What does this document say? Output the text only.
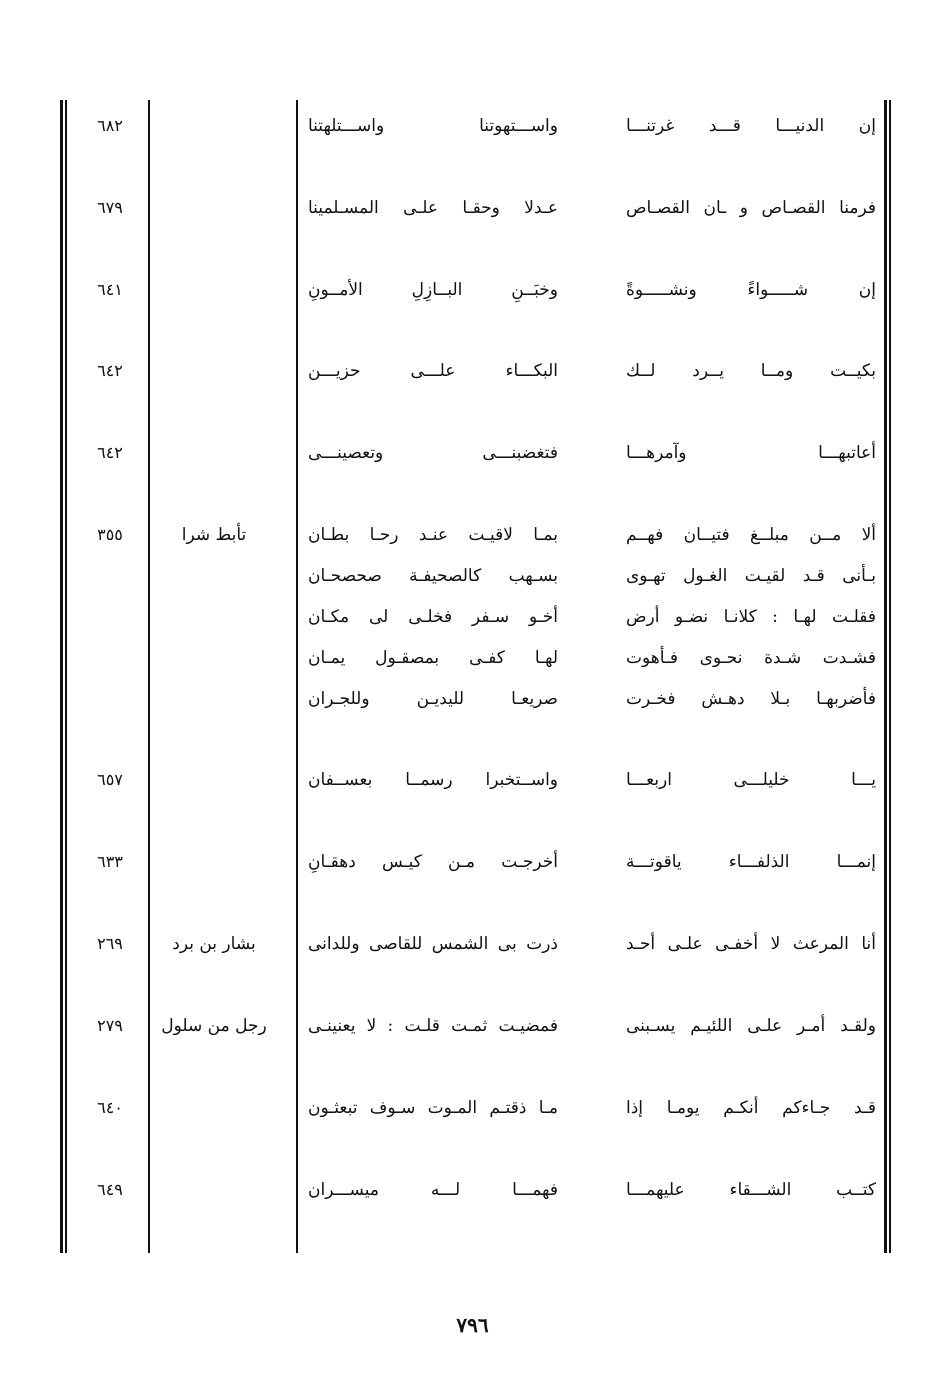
إن الدنيـــا قـــد غرتنـــا
واســـتهوتنا واســـتلهتنا
٦٨٢
فرمنا القصـاص و ـان القصـاص
عـدلا وحقـا علـى المسـلمينا
٦٧٩
إن شـــــواءً ونشـــــوةً
وخبَــنِ البــازِلِ الأمــونِ
٦٤١
بكيــت ومــا يــرد لــك
البكـــاء علـــى حزيـــن
٦٤٢
أعاتبهـــا وآمرهـــا
فتغضبنـــى وتعصينـــى
٦٤٢
ألا مــن مبلــغ فتيــان فهــم
بمـا لاقيـت عنـد رحـا بطـان
تأبط شرا
٣٥٥
بـأنى قـد لقيـت الغـول تهـوى
بسـهب كالصحيفـة صحصحـان
فقلـت لهـا : كلانـا نضـو أرض
أخـو سـفر فخلـى لى مكـان
فشـدت شـدة نحـوى فـأهوت
لهـا كفـى بمصقـول يمـان
فأضربهـا بـلا دهـش فخـرت
صريعـا لليديـن وللجـران
يـــا خليلـــى اربعـــا
واســتخبرا رسمــا بعســفان
٦٥٧
إنمـــا الذلفـــاء ياقوتـــة
أخرجـت مـن كيـس دهقـانِ
٦٣٣
أنا المرعث لا أخفـى علـى أحـد
ذرت بى الشمس للقاصى وللدانى
بشار بن برد
٢٦٩
ولقـد أمـر علـى اللئيـم يسـبنى
فمضيـت ثمـت قلـت : لا يعنينـى
رجل من سلول
٢٧٩
قـد جـاءكم أنكـم يومـا إذا
مـا ذقتـم المـوت سـوف تبعثـون
٦٤٠
كتــب الشـــقاء عليهمـــا
فهمـــا لـــه ميســـران
٦٤٩
٧٩٦
